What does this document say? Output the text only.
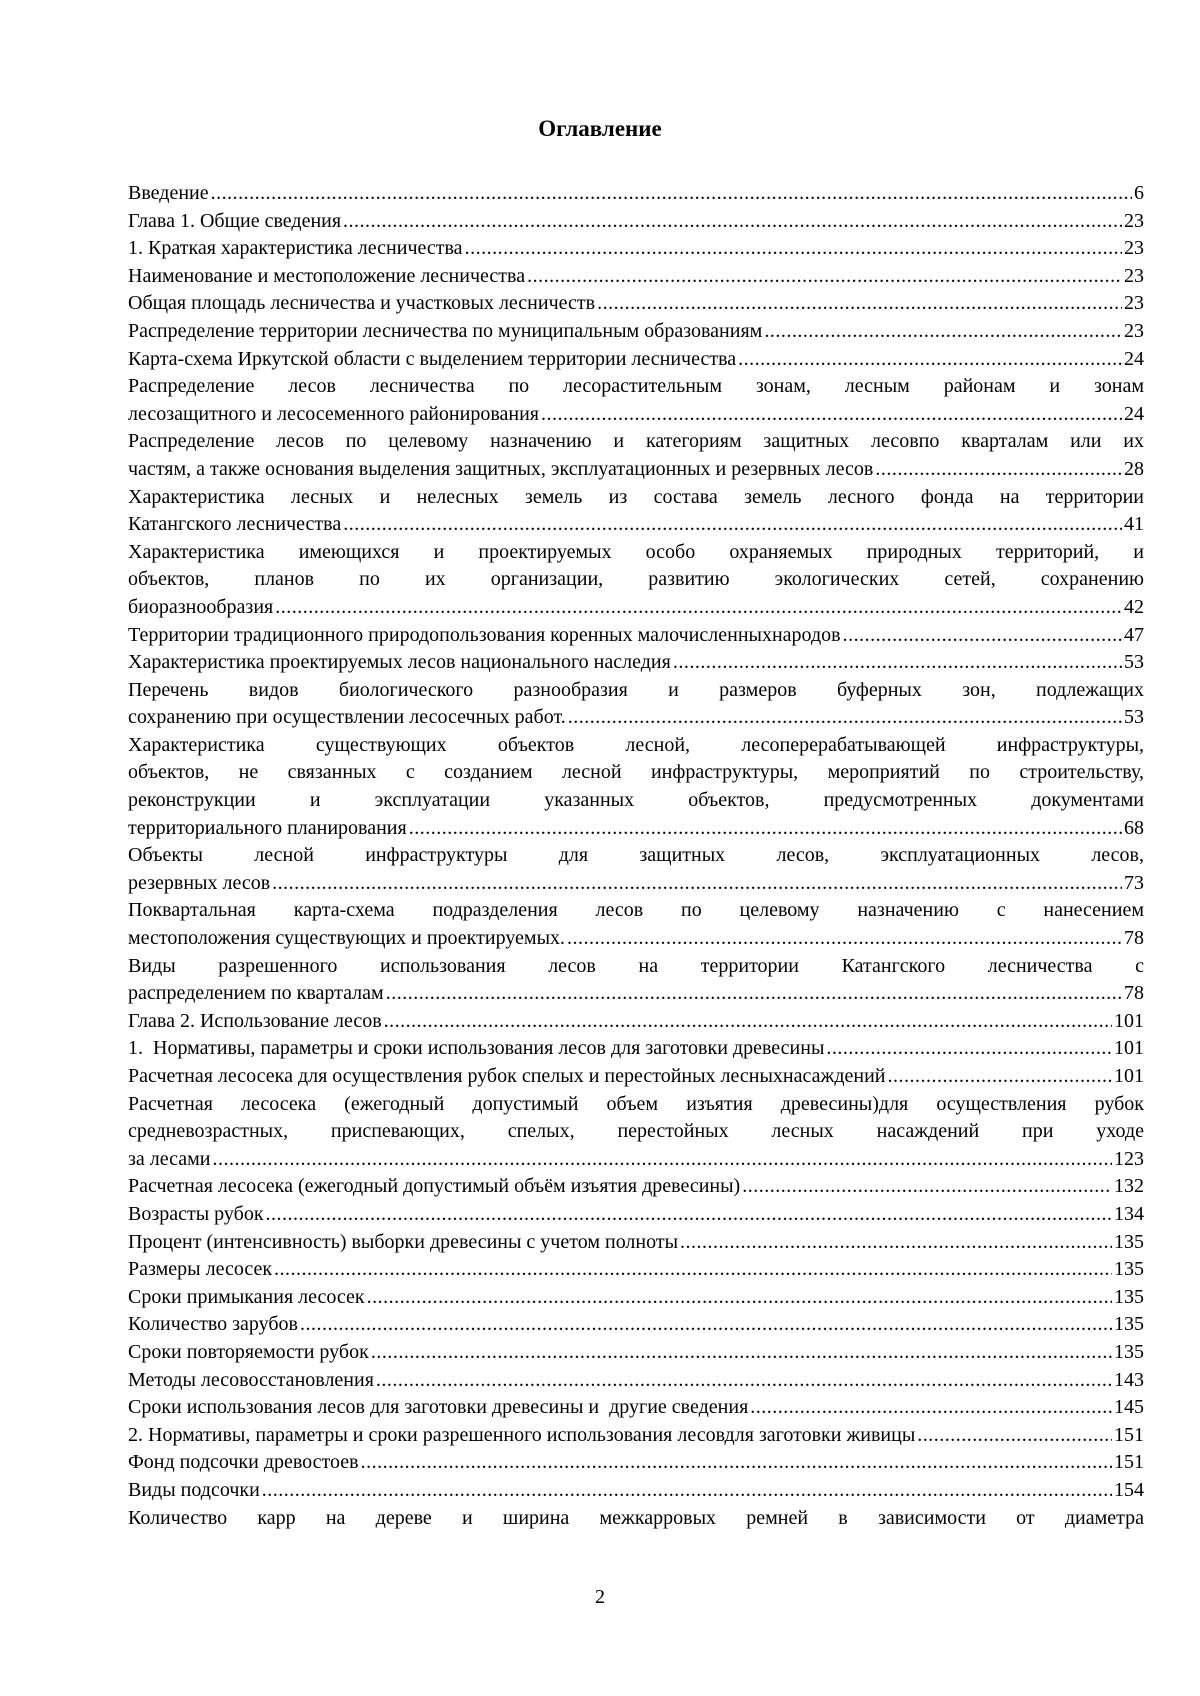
Оглавление
Введение .....	6
Глава 1. Общие сведения .....	23
1. Краткая характеристика лесничества .....	23
Наименование и местоположение лесничества .....	23
Общая площадь лесничества и участковых лесничеств .....	23
Распределение территории лесничества по муниципальным образованиям .....	23
Карта-схема Иркутской области с выделением территории лесничества .....	24
Распределение лесов лесничества по лесорастительным зонам, лесным районам и зонам
лесозащитного и лесосеменного районирования .....	24
Распределение лесов по целевому назначению и категориям защитных лесовпо кварталам или их
частям, а также основания выделения защитных, эксплуатационных и резервных лесов .....	28
Характеристика лесных и нелесных земель из состава земель лесного фонда на территории
Катангского лесничества .....	41
Характеристика имеющихся и проектируемых особо охраняемых природных территорий, и
объектов, планов по их организации, развитию экологических сетей, сохранению
биоразнообразия .....	42
Территории традиционного природопользования коренных малочисленныхнародов .....	47
Характеристика проектируемых лесов национального наследия .....	53
Перечень видов биологического разнообразия и размеров буферных зон, подлежащих
сохранению при осуществлении лесосечных работ. .....	53
Характеристика существующих объектов лесной, лесоперерабатывающей инфраструктуры,
объектов, не связанных с созданием лесной инфраструктуры, мероприятий по строительству,
реконструкции и эксплуатации указанных объектов, предусмотренных документами
территориального планирования .....	68
Объекты лесной инфраструктуры для защитных лесов, эксплуатационных лесов,
резервных лесов .....	73
Поквартальная карта-схема подразделения лесов по целевому назначению с нанесением
местоположения существующих и проектируемых. .....	78
Виды разрешенного использования лесов на территории Катангского лесничества с
распределением по кварталам .....	78
Глава 2. Использование лесов .....	101
1.  Нормативы, параметры и сроки использования лесов для заготовки древесины .....	101
Расчетная лесосека для осуществления рубок спелых и перестойных лесныхнасаждений .....	101
Расчетная лесосека (ежегодный допустимый объем изъятия древесины)для осуществления рубок
средневозрастных, приспевающих, спелых, перестойных лесных насаждений при уходе
за лесами .....	123
Расчетная лесосека (ежегодный допустимый объём изъятия древесины) .....	132
Возрасты рубок .....	134
Процент (интенсивность) выборки древесины с учетом полноты .....	135
Размеры лесосек .....	135
Сроки примыкания лесосек .....	135
Количество зарубов .....	135
Сроки повторяемости рубок .....	135
Методы лесовосстановления .....	143
Сроки использования лесов для заготовки древесины и  другие сведения .....	145
2. Нормативы, параметры и сроки разрешенного использования лесовдля заготовки живицы .....	151
Фонд подсочки древостоев .....	151
Виды подсочки .....	154
Количество карр на дереве и ширина межкарровых ремней в зависимости от диаметра
2
